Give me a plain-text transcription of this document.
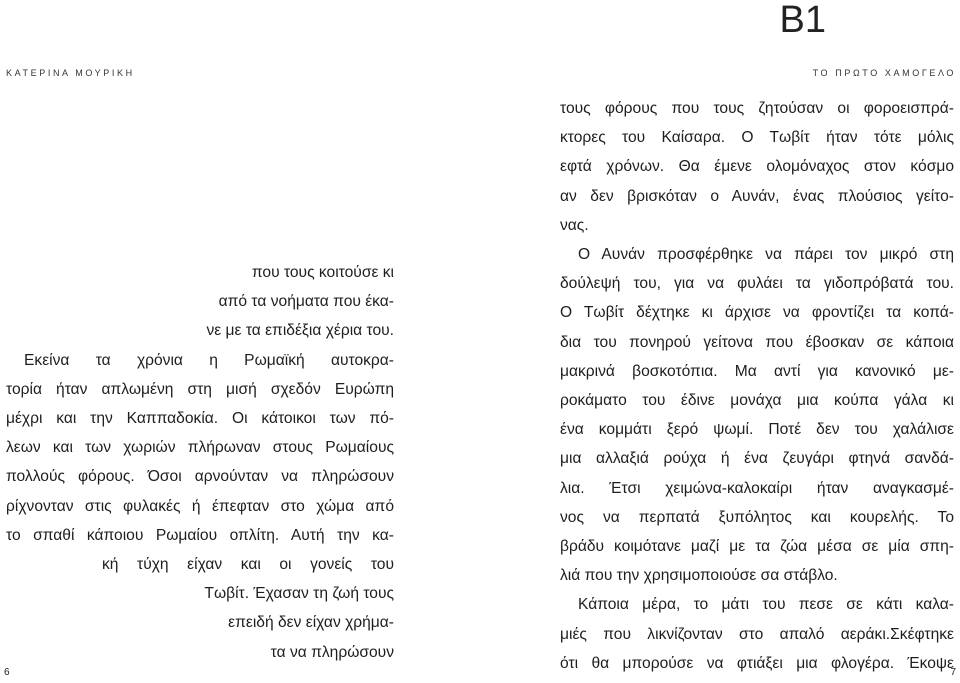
B1
ΚΑΤΕΡΙΝΑ ΜΟΥΡΙΚΗ	ΤΟ ΠΡΩΤΟ ΧΑΜΟΓΕΛΟ
που τους κοιτούσε κι
από τα νοήματα που έκα-
νε με τα επιδέξια χέρια του.
Εκείνα τα χρόνια η Ρωμαϊκή αυτοκρα-
τορία ήταν απλωμένη στη μισή σχεδόν Ευρώπη
μέχρι και την Καππαδοκία. Οι κάτοικοι των πό-
λεων και των χωριών πλήρωναν στους Ρωμαίους
πολλούς φόρους. Όσοι αρνούνταν να πληρώσουν
ρίχνονταν στις φυλακές ή έπεφταν στο χώμα από
το σπαθί κάποιου Ρωμαίου οπλίτη. Αυτή την κα-
κή τύχη είχαν και οι γονείς του
Τωβίτ. Έχασαν τη ζωή τους
επειδή δεν είχαν χρήμα-
τα να πληρώσουν
τους φόρους που τους ζητούσαν οι φοροεισπρά-
κτορες του Καίσαρα. Ο Τωβίτ ήταν τότε μόλις
εφτά χρόνων. Θα έμενε ολομόναχος στον κόσμο
αν δεν βρισκόταν ο Αυνάν, ένας πλούσιος γείτο-
νας.
Ο Αυνάν προσφέρθηκε να πάρει τον μικρό στη
δούλεψή του, για να φυλάει τα γιδοπρόβατά του.
Ο Τωβίτ δέχτηκε κι άρχισε να φροντίζει τα κοπά-
δια του πονηρού γείτονα που έβοσκαν σε κάποια
μακρινά βοσκοτόπια. Μα αντί για κανονικό με-
ροκάματο του έδινε μονάχα μια κούπα γάλα κι
ένα κομμάτι ξερό ψωμί. Ποτέ δεν του χαλάλισε
μια αλλαξιά ρούχα ή ένα ζευγάρι φτηνά σανδά-
λια. Έτσι χειμώνα-καλοκαίρι ήταν αναγκασμέ-
νος να περπατά ξυπόλητος και κουρελής. Το
βράδυ κοιμότανε μαζί με τα ζώα μέσα σε μία σπη-
λιά που την χρησιμοποιούσε σα στάβλο.
Κάποια μέρα, το μάτι του πεσε σε κάτι καλα-
μιές που λικνίζονταν στο απαλό αεράκι.Σκέφτηκε
ότι θα μπορούσε να φτιάξει μια φλογέρα. Έκοψε
6	7
